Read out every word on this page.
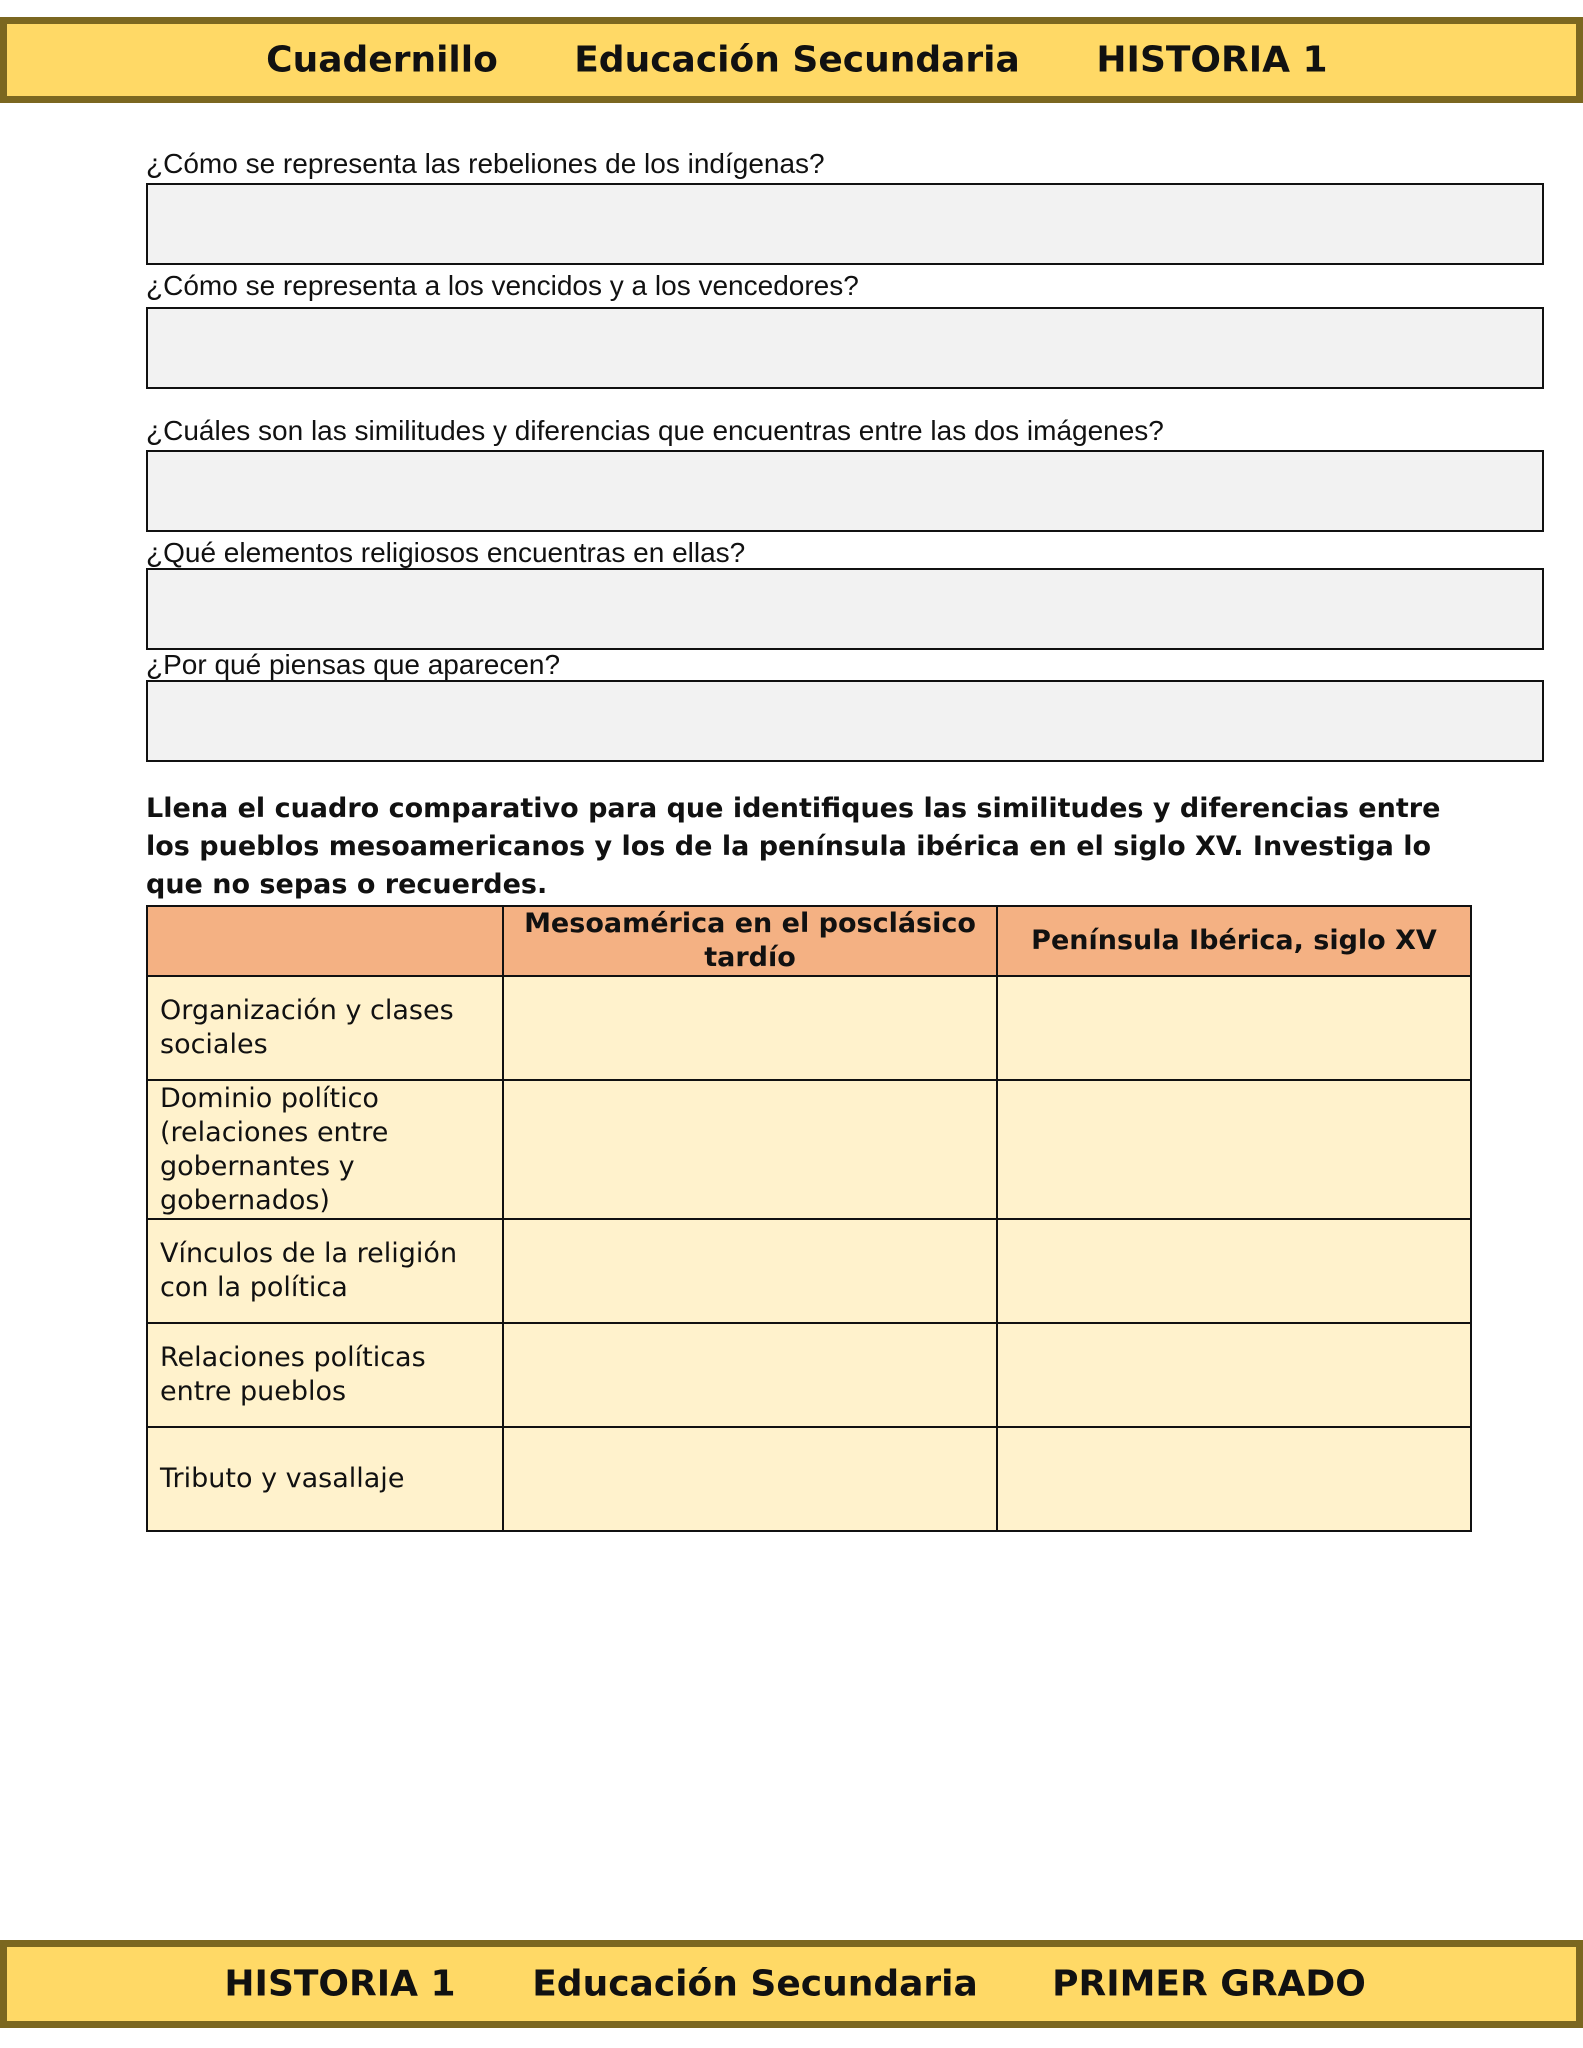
Cuadernillo Educación Secundaria HISTORIA 1
¿Cómo se representa las rebeliones de los indígenas?
¿Cómo se representa a los vencidos y a los vencedores?
¿Cuáles son las similitudes y diferencias que encuentras entre las dos imágenes?
¿Qué elementos religiosos encuentras en ellas?
¿Por qué piensas que aparecen?
Llena el cuadro comparativo para que identifiques las similitudes y diferencias entre los pueblos mesoamericanos y los de la península ibérica en el siglo XV. Investiga lo que no sepas o recuerdes.
	Mesoamérica en el posclásico tardío	Península Ibérica, siglo XV
Organización y clases sociales		
Dominio político (relaciones entre gobernantes y gobernados)		
Vínculos de la religión con la política		
Relaciones políticas entre pueblos		
Tributo y vasallaje		
HISTORIA 1 Educación Secundaria PRIMER GRADO
